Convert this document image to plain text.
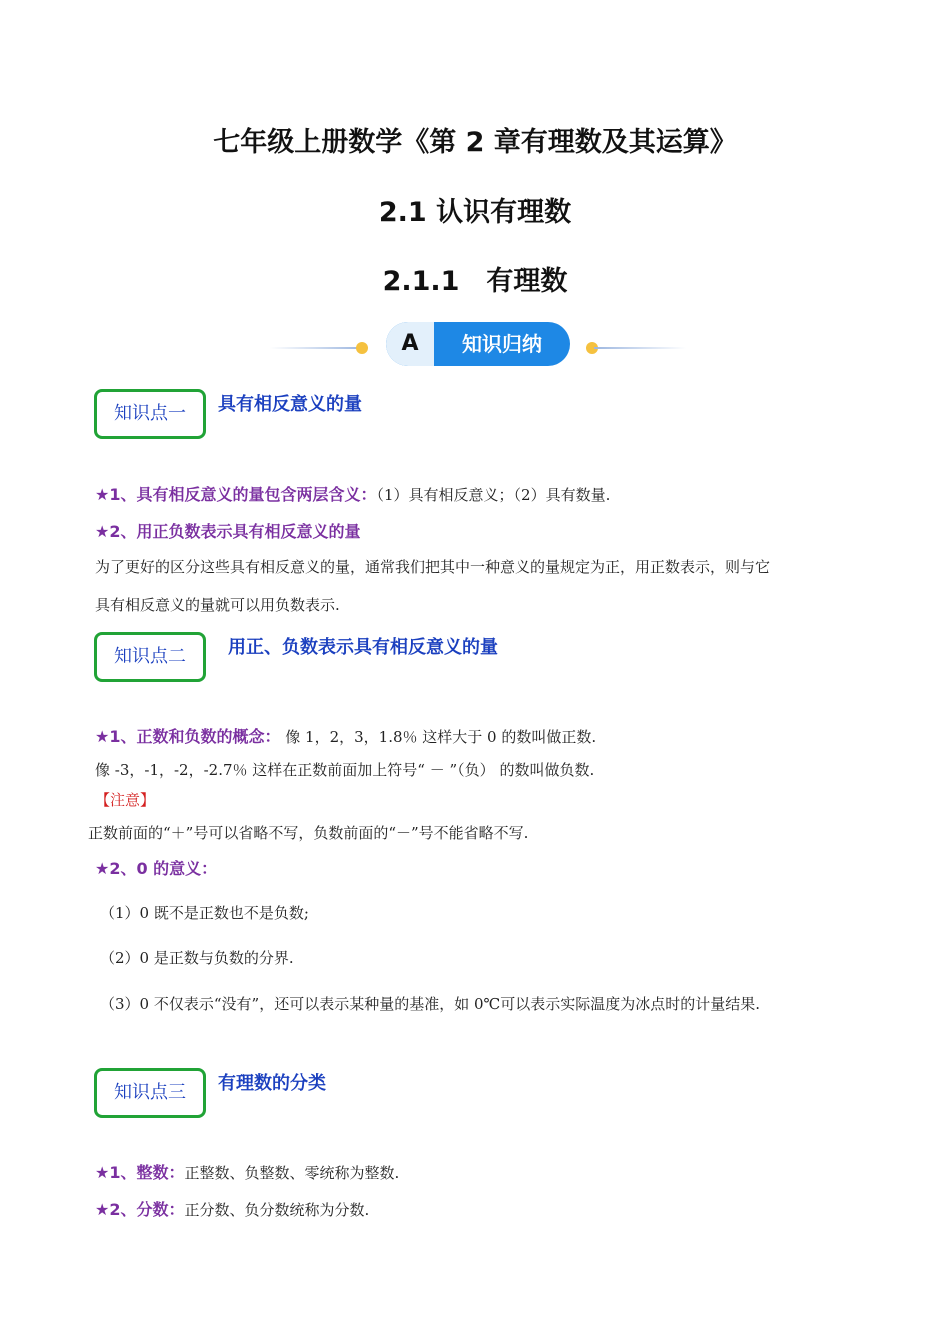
七年级上册数学《第 2 章有理数及其运算》
2.1 认识有理数
2.1.1　有理数
A	知识归纳
知识点一	具有相反意义的量
★1、具有相反意义的量包含两层含义：（1）具有相反意义；（2）具有数量.
★2、用正负数表示具有相反意义的量
为了更好的区分这些具有相反意义的量，通常我们把其中一种意义的量规定为正，用正数表示，则与它
具有相反意义的量就可以用负数表示.
知识点二	用正、负数表示具有相反意义的量
★1、正数和负数的概念： 像 1，2，3，1.8％ 这样大于 0 的数叫做正数.
像 -3，-1，-2，-2.7％ 这样在正数前面加上符号“ － ”（负） 的数叫做负数.
【注意】
正数前面的“＋”号可以省略不写，负数前面的“－”号不能省略不写.
★2、0 的意义：
（1）0 既不是正数也不是负数;
（2）0 是正数与负数的分界.
（3）0 不仅表示“没有”，还可以表示某种量的基准，如 0℃可以表示实际温度为冰点时的计量结果.
知识点三	有理数的分类
★1、整数：正整数、负整数、零统称为整数.
★2、分数：正分数、负分数统称为分数.
